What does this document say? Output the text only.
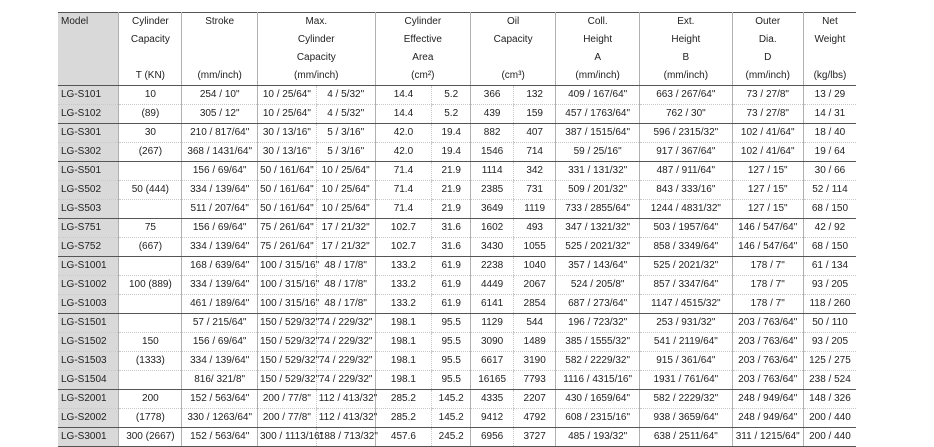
Model	Cylinder	Stroke	Max.		Cylinder		Oil		Coll.	Ext.	Outer	Net
	Capacity		Cylinder		Effective		Capacity		Height	Height	Dia.	Weight
			Capacity		Area				A	B	D	
	T (KN)	(mm/inch)	(mm/inch)		(cm²)		(cm³)		(mm/inch)	(mm/inch)	(mm/inch)	(kg/lbs)
LG-S101	10	254 / 10"	10 / 25/64"	4 / 5/32"	14.4	5.2	366	132	409 / 167/64"	663 / 267/64"	73 / 27/8"	13 / 29
LG-S102	(89)	305 / 12"	10 / 25/64"	4 / 5/32"	14.4	5.2	439	159	457 / 1763/64"	762 / 30"	73 / 27/8"	14 / 31
LG-S301	30	210 / 817/64"	30 / 13/16"	5 / 3/16"	42.0	19.4	882	407	387 / 1515/64"	596 / 2315/32"	102 / 41/64"	18 / 40
LG-S302	(267)	368 / 1431/64"	30 / 13/16"	5 / 3/16"	42.0	19.4	1546	714	59 / 25/16"	917 / 367/64"	102 / 41/64"	19 / 64
LG-S501		156 / 69/64"	50 / 161/64"	10 / 25/64"	71.4	21.9	1114	342	331 / 131/32"	487 / 911/64"	127 / 15"	30 / 66
LG-S502	50 (444)	334 / 139/64"	50 / 161/64"	10 / 25/64"	71.4	21.9	2385	731	509 / 201/32"	843 / 333/16"	127 / 15"	52 / 114
LG-S503		511 / 207/64"	50 / 161/64"	10 / 25/64"	71.4	21.9	3649	1119	733 / 2855/64"	1244 / 4831/32"	127 / 15"	68 / 150
LG-S751	75	156 / 69/64"	75 / 261/64"	17 / 21/32"	102.7	31.6	1602	493	347 / 1321/32"	503 / 1957/64"	146 / 547/64"	42 / 92
LG-S752	(667)	334 / 139/64"	75 / 261/64"	17 / 21/32"	102.7	31.6	3430	1055	525 / 2021/32"	858 / 3349/64"	146 / 547/64"	68 / 150
LG-S1001		168 / 639/64"	100 / 315/16"	48 / 17/8"	133.2	61.9	2238	1040	357 / 143/64"	525 / 2021/32"	178 / 7"	61 / 134
LG-S1002	100 (889)	334 / 139/64"	100 / 315/16"	48 / 17/8"	133.2	61.9	4449	2067	524 / 205/8"	857 / 3347/64"	178 / 7"	93 / 205
LG-S1003		461 / 189/64"	100 / 315/16"	48 / 17/8"	133.2	61.9	6141	2854	687 / 273/64"	1147 / 4515/32"	178 / 7"	118 / 260
LG-S1501		57 / 215/64"	150 / 529/32"	74 / 229/32"	198.1	95.5	1129	544	196 / 723/32"	253 / 931/32"	203 / 763/64"	50 / 110
LG-S1502	150	156 / 69/64"	150 / 529/32"	74 / 229/32"	198.1	95.5	3090	1489	385 / 1555/32"	541 / 2119/64"	203 / 763/64"	93 / 205
LG-S1503	(1333)	334 / 139/64"	150 / 529/32"	74 / 229/32"	198.1	95.5	6617	3190	582 / 2229/32"	915 / 361/64"	203 / 763/64"	125 / 275
LG-S1504		816/ 321/8"	150 / 529/32"	74 / 229/32"	198.1	95.5	16165	7793	1116 / 4315/16"	1931 / 761/64"	203 / 763/64"	238 / 524
LG-S2001	200	152 / 563/64"	200 / 77/8"	112 / 413/32"	285.2	145.2	4335	2207	430 / 1659/64"	582 / 2229/32"	248 / 949/64"	148 / 326
LG-S2002	(1778)	330 / 1263/64"	200 / 77/8"	112 / 413/32"	285.2	145.2	9412	4792	608 / 2315/16"	938 / 3659/64"	248 / 949/64"	200 / 440
LG-S3001	300 (2667)	152 / 563/64"	300 / 1113/16"	188 / 713/32"	457.6	245.2	6956	3727	485 / 193/32"	638 / 2511/64"	311 / 1215/64"	200 / 440
